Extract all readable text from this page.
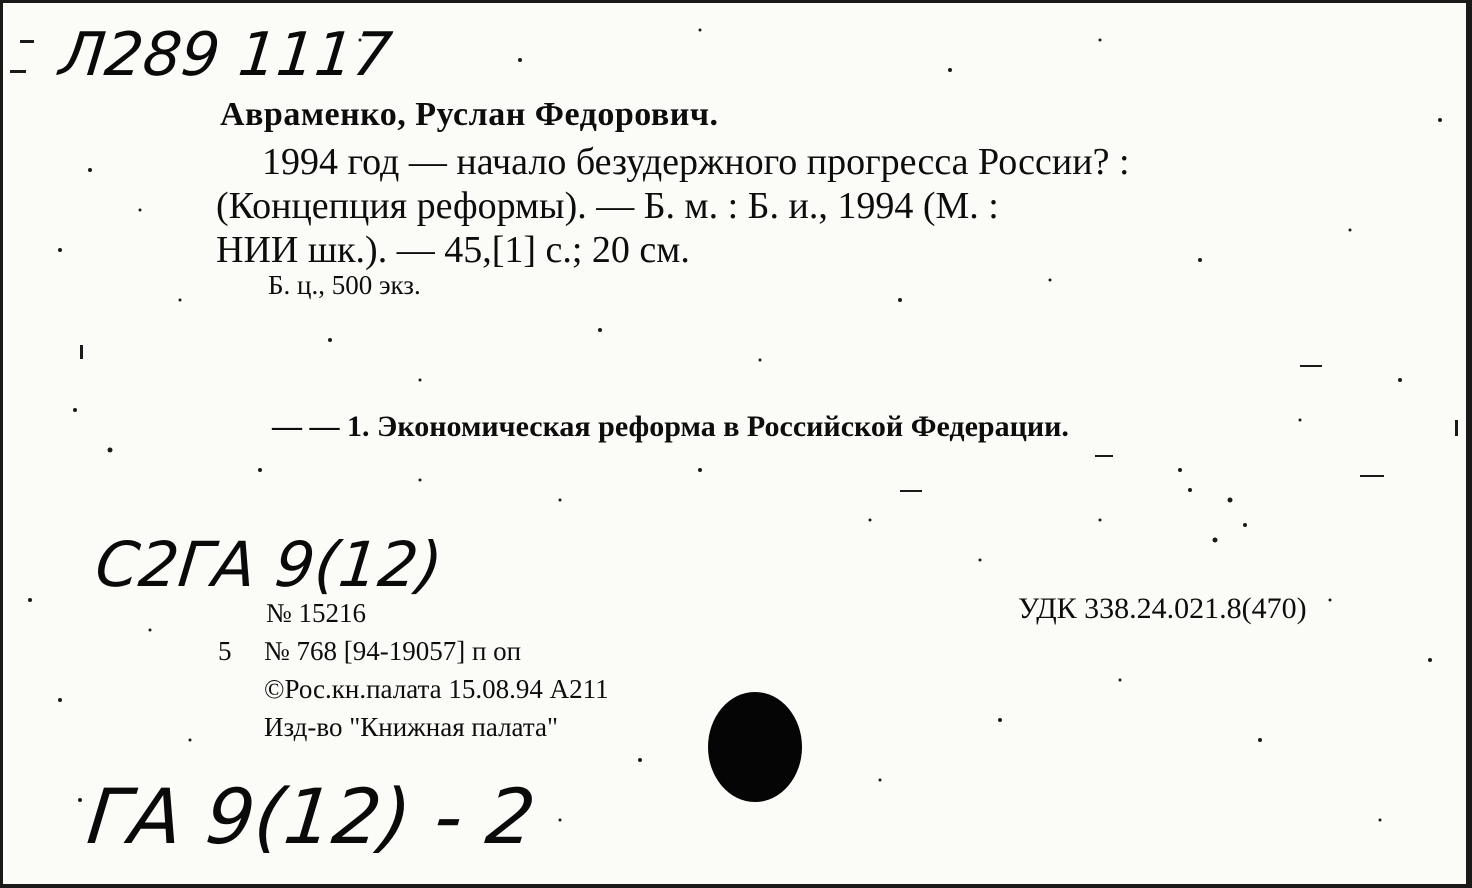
Л289 1117

С2ГА 9(12)

ГА 9(12) - 2

Авраменко, Руслан Федорович.

1994 год — начало безудержного прогресса России? :

(Концепция реформы). — Б. м. : Б. и., 1994 (М. :

НИИ шк.). — 45,[1] с.; 20 см.

Б. ц., 500 экз.

— — 1. Экономическая реформа в Российской Федерации.

УДК 338.24.021.8(470)

№ 15216

5 № 768 [94-19057] п оп

©Рос.кн.палата 15.08.94 А211

Изд-во "Книжная палата"
